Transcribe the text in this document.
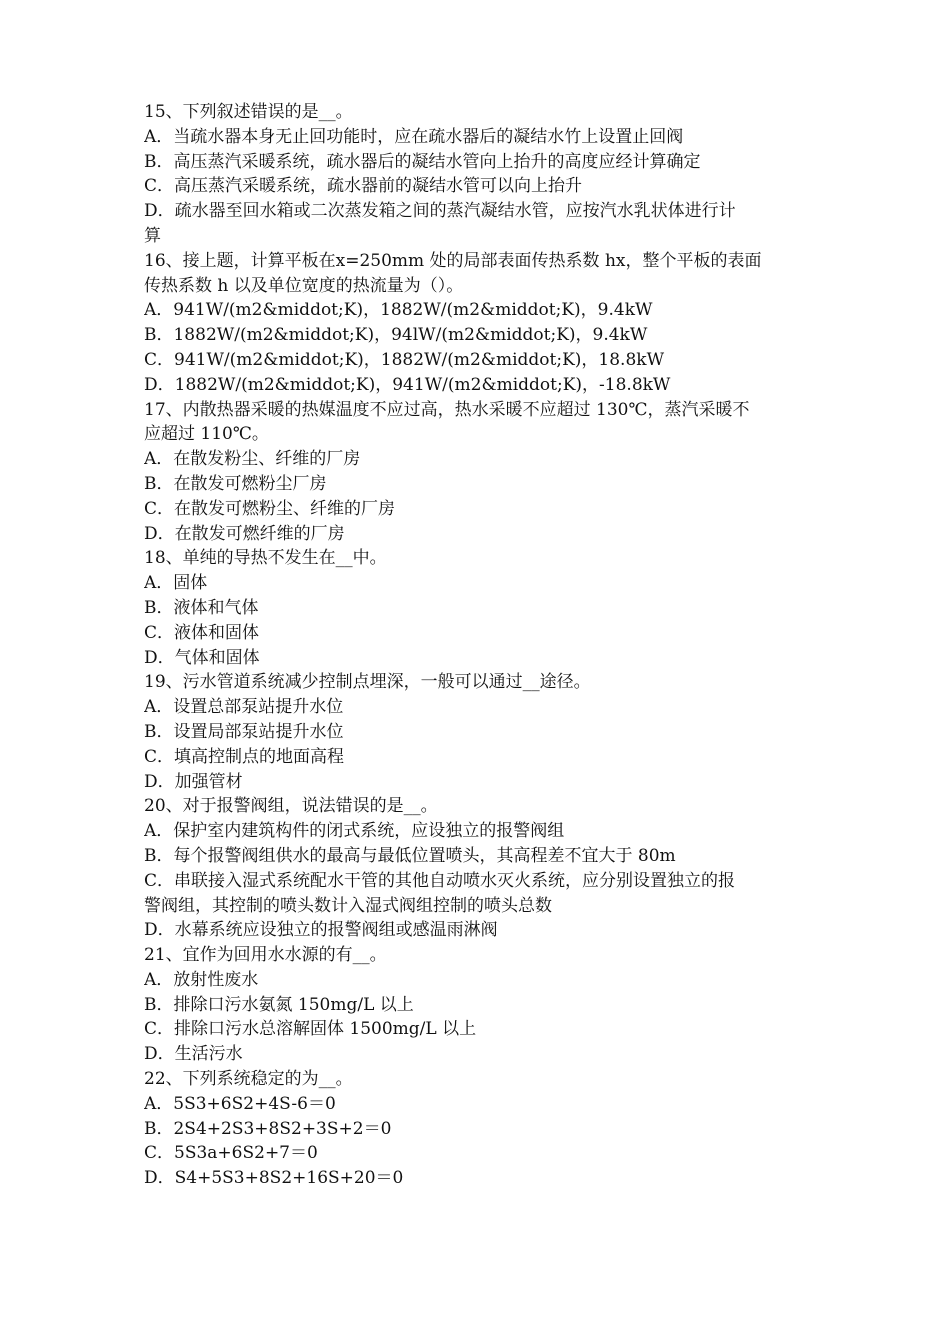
15、下列叙述错误的是__。
A．当疏水器本身无止回功能时，应在疏水器后的凝结水竹上设置止回阀
B．高压蒸汽采暖系统，疏水器后的凝结水管向上抬升的高度应经计算确定
C．高压蒸汽采暖系统，疏水器前的凝结水管可以向上抬升
D．疏水器至回水箱或二次蒸发箱之间的蒸汽凝结水管，应按汽水乳状体进行计
算
16、接上题，计算平板在x=250mm 处的局部表面传热系数 hx，整个平板的表面
传热系数 h 以及单位宽度的热流量为（）。
A．941W/(m2&middot;K)，1882W/(m2&middot;K)，9.4kW
B．1882W/(m2&middot;K)，94lW/(m2&middot;K)，9.4kW
C．941W/(m2&middot;K)，1882W/(m2&middot;K)，18.8kW
D．1882W/(m2&middot;K)，941W/(m2&middot;K)，-18.8kW
17、内散热器采暖的热媒温度不应过高，热水采暖不应超过 130℃，蒸汽采暖不
应超过 110℃。
A．在散发粉尘、纤维的厂房
B．在散发可燃粉尘厂房
C．在散发可燃粉尘、纤维的厂房
D．在散发可燃纤维的厂房
18、单纯的导热不发生在__中。
A．固体
B．液体和气体
C．液体和固体
D．气体和固体
19、污水管道系统减少控制点埋深，一般可以通过__途径。
A．设置总部泵站提升水位
B．设置局部泵站提升水位
C．填高控制点的地面高程
D．加强管材
20、对于报警阀组，说法错误的是__。
A．保护室内建筑构件的闭式系统，应设独立的报警阀组
B．每个报警阀组供水的最高与最低位置喷头，其高程差不宜大于 80m
C．串联接入湿式系统配水干管的其他自动喷水灭火系统，应分别设置独立的报
警阀组，其控制的喷头数计入湿式阀组控制的喷头总数
D．水幕系统应设独立的报警阀组或感温雨淋阀
21、宜作为回用水水源的有__。
A．放射性废水
B．排除口污水氨氮 150mg/L 以上
C．排除口污水总溶解固体 1500mg/L 以上
D．生活污水
22、下列系统稳定的为__。
A．5S3+6S2+4S-6＝0
B．2S4+2S3+8S2+3S+2＝0
C．5S3a+6S2+7＝0
D．S4+5S3+8S2+16S+20＝0
